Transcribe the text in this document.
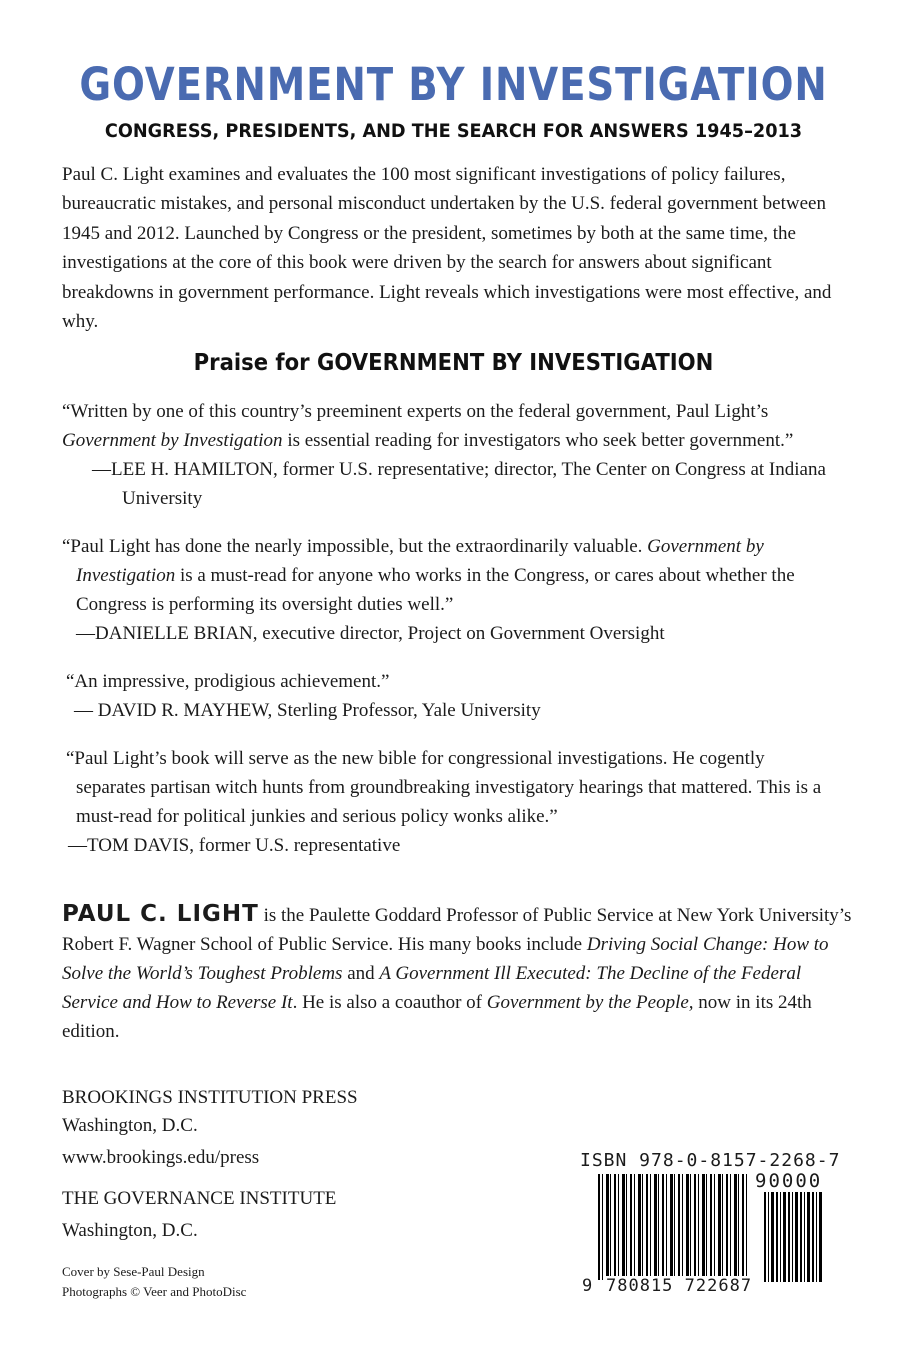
GOVERNMENT BY INVESTIGATION
CONGRESS, PRESIDENTS, AND THE SEARCH FOR ANSWERS 1945–2013

Paul C. Light examines and evaluates the 100 most significant investigations of policy failures, bureaucratic mistakes, and personal misconduct undertaken by the U.S. federal government between 1945 and 2012. Launched by Congress or the president, sometimes by both at the same time, the investigations at the core of this book were driven by the search for answers about significant breakdowns in government performance. Light reveals which investigations were most effective, and why.

Praise for GOVERNMENT BY INVESTIGATION

“Written by one of this country’s preeminent experts on the federal government, Paul Light’s Government by Investigation is essential reading for investigators who seek better government.”

—LEE H. HAMILTON, former U.S. representative; director, The Center on Congress at Indiana University

“Paul Light has done the nearly impossible, but the extraordinarily valuable. Government by Investigation is a must-read for anyone who works in the Congress, or cares about whether the Congress is performing its oversight duties well.”

—DANIELLE BRIAN, executive director, Project on Government Oversight

“An impressive, prodigious achievement.”

— DAVID R. MAYHEW, Sterling Professor, Yale University

“Paul Light’s book will serve as the new bible for congressional investigations. He cogently separates partisan witch hunts from groundbreaking investigatory hearings that mattered. This is a must-read for political junkies and serious policy wonks alike.”

—TOM DAVIS, former U.S. representative

PAUL C. LIGHT is the Paulette Goddard Professor of Public Service at New York University’s Robert F. Wagner School of Public Service. His many books include Driving Social Change: How to Solve the World’s Toughest Problems and A Government Ill Executed: The Decline of the Federal Service and How to Reverse It. He is also a coauthor of Government by the People, now in its 24th edition.

BROOKINGS INSTITUTION PRESS
Washington, D.C.
www.brookings.edu/press
THE GOVERNANCE INSTITUTE
Washington, D.C.
Cover by Sese-Paul Design
Photographs © Veer and PhotoDisc
ISBN 978-0-8157-2268-7
90000
9 780815 722687
